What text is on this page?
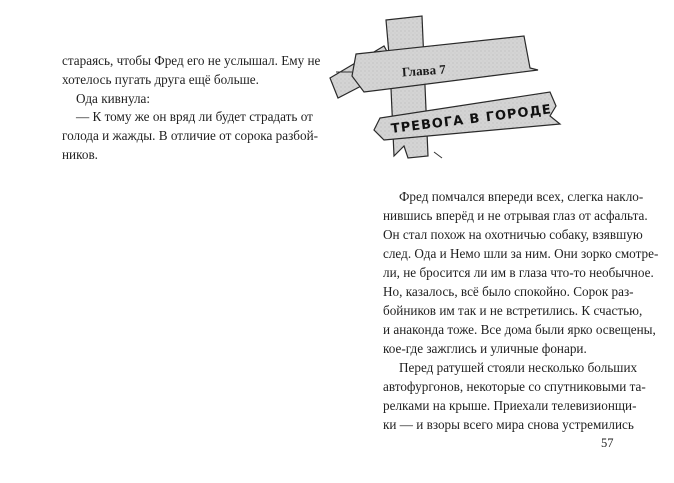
стараясь, чтобы Фред его не услышал. Ему не
хотелось пугать друга ещё больше.
Ода кивнула:
— К тому же он вряд ли будет страдать от
голода и жажды. В отличие от сорока разбой-
ников.
Глава 7
ТРЕВОГА В ГОРОДЕ
Фред помчался впереди всех, слегка накло-
нившись вперёд и не отрывая глаз от асфальта.
Он стал похож на охотничью собаку, взявшую
след. Ода и Немо шли за ним. Они зорко смотре-
ли, не бросится ли им в глаза что-то необычное.
Но, казалось, всё было спокойно. Сорок раз-
бойников им так и не встретились. К счастью,
и анаконда тоже. Все дома были ярко освещены,
кое-где зажглись и уличные фонари.
Перед ратушей стояли несколько больших
автофургонов, некоторые со спутниковыми та-
релками на крыше. Приехали телевизионщи-
ки — и взоры всего мира снова устремились
57
